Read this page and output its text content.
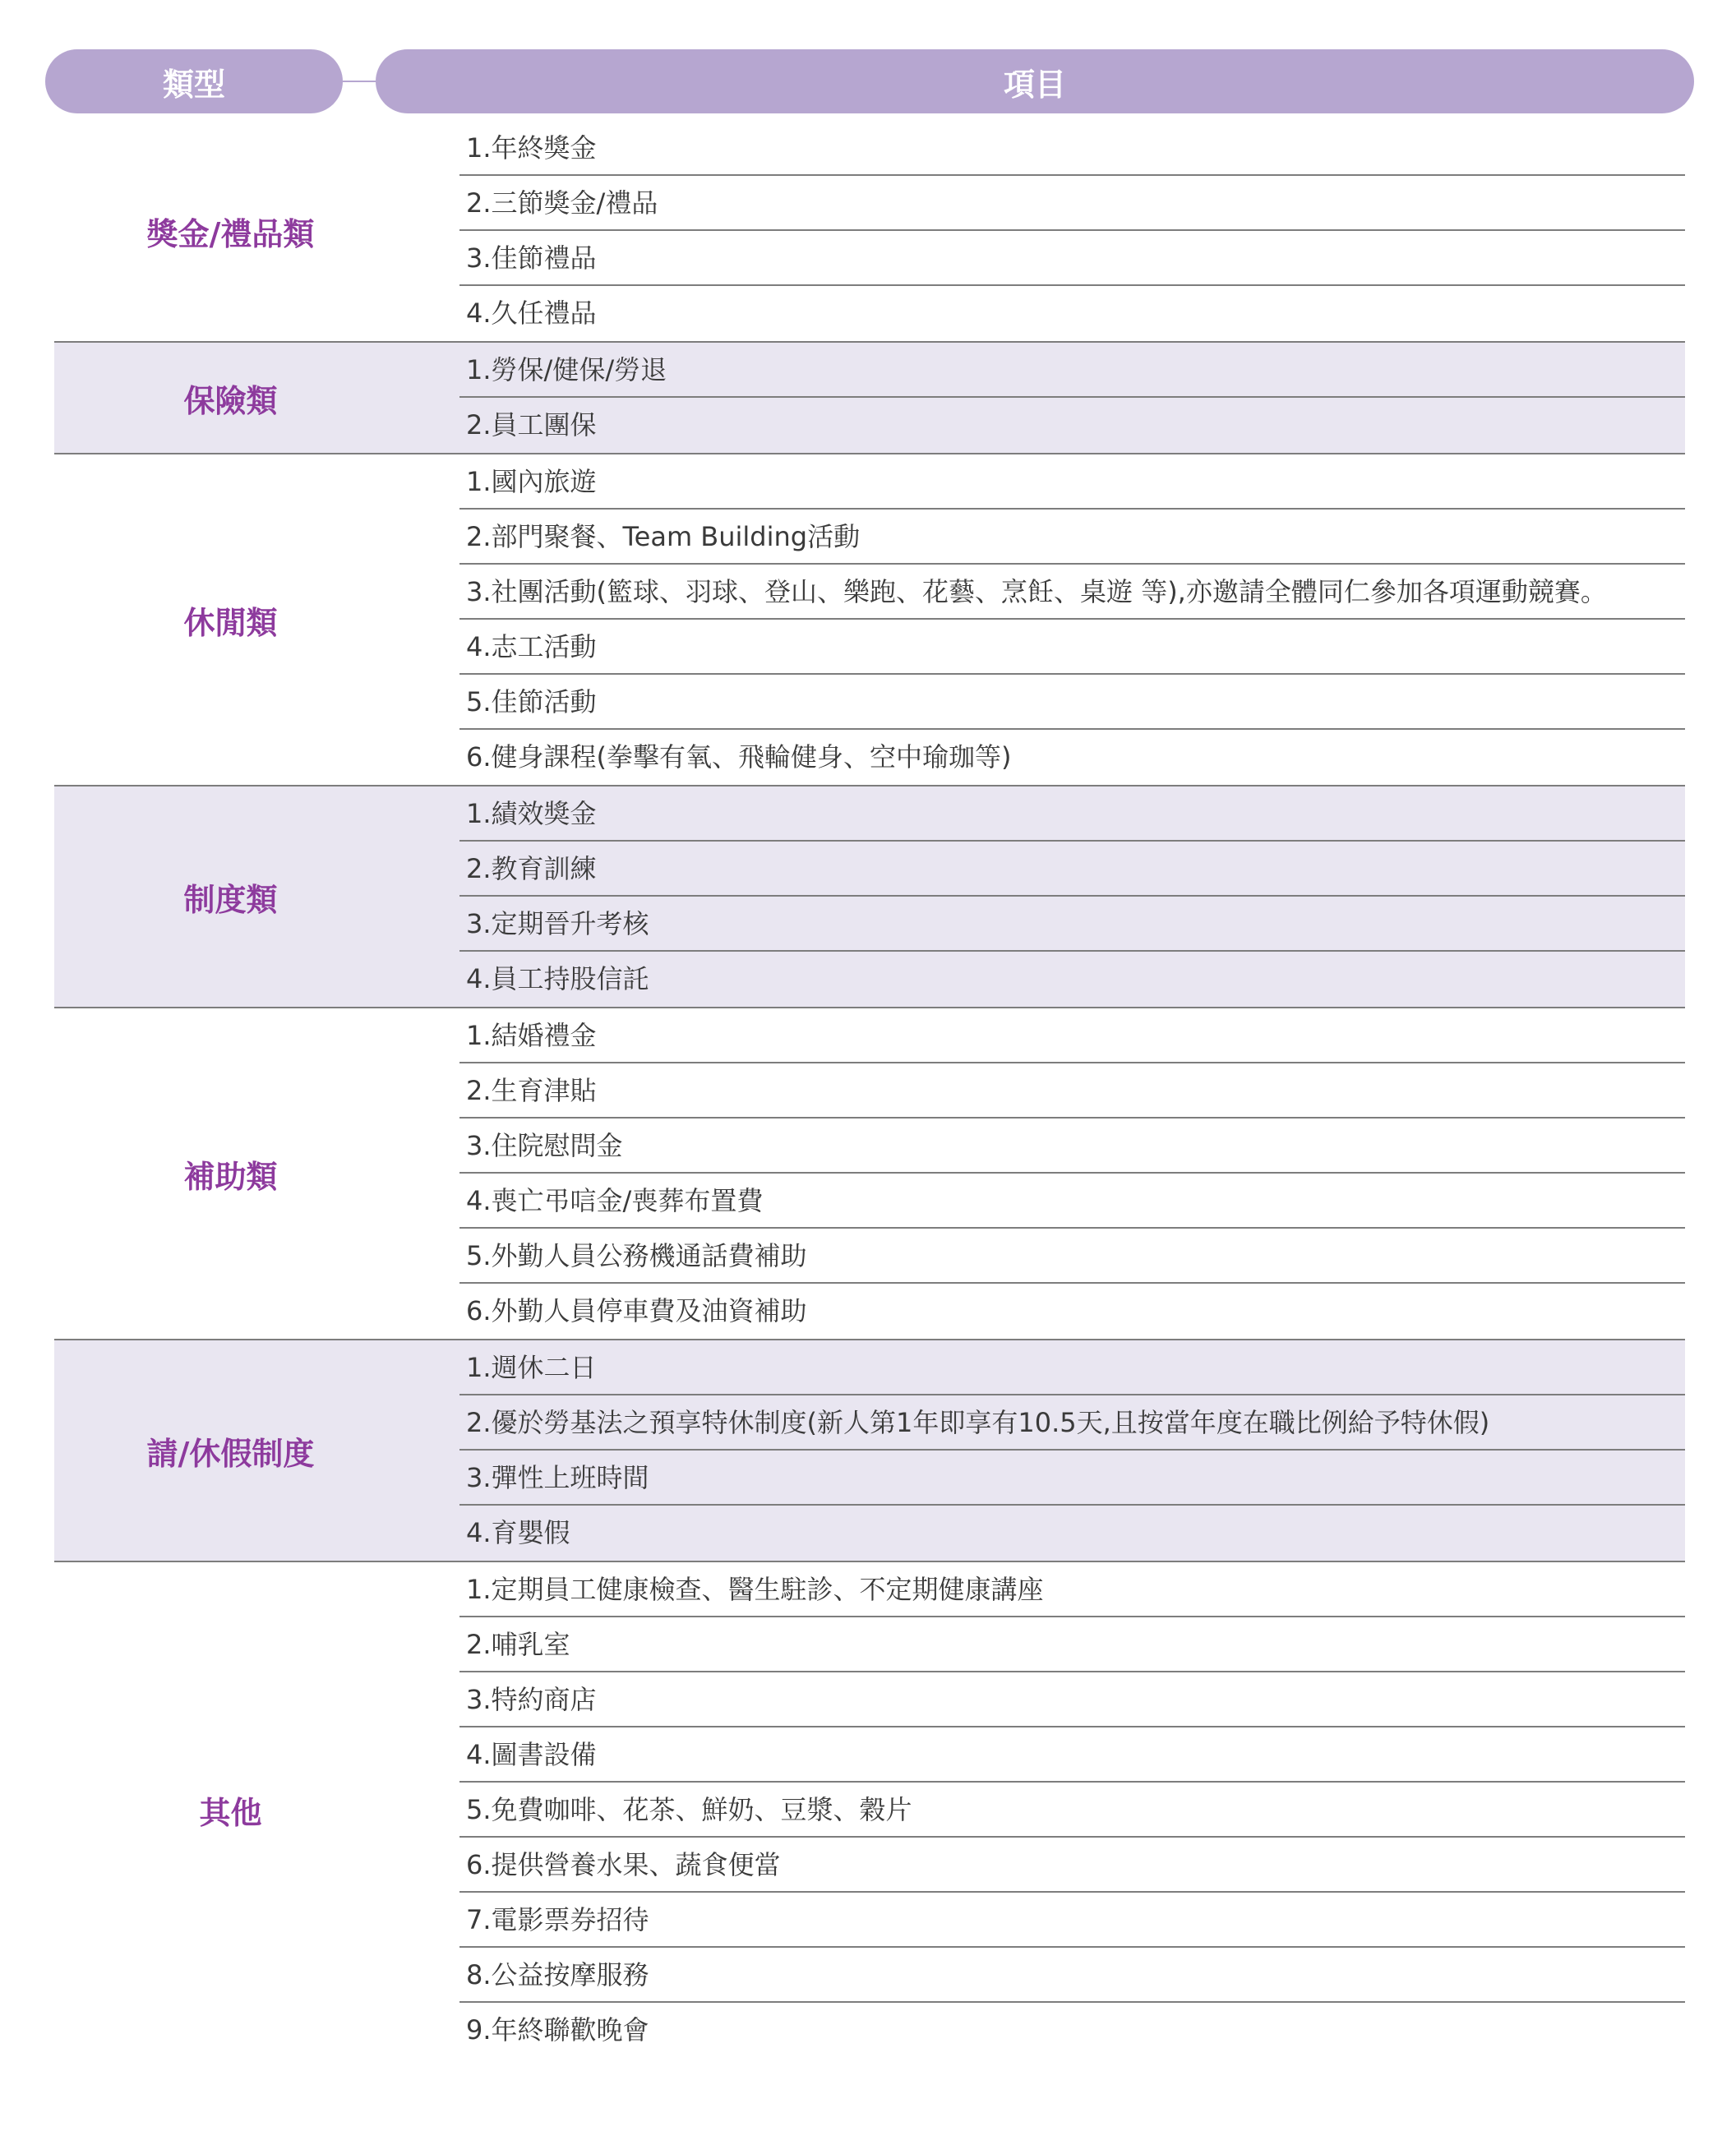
類型	項目
獎金/禮品類
1.年終獎金
2.三節獎金/禮品
3.佳節禮品
4.久任禮品
保險類
1.勞保/健保/勞退
2.員工團保
休閒類
1.國內旅遊
2.部門聚餐、Team Building活動
3.社團活動(籃球、羽球、登山、樂跑、花藝、烹飪、桌遊 等),亦邀請全體同仁參加各項運動競賽。
4.志工活動
5.佳節活動
6.健身課程(拳擊有氧、飛輪健身、空中瑜珈等)
制度類
1.績效獎金
2.教育訓練
3.定期晉升考核
4.員工持股信託
補助類
1.結婚禮金
2.生育津貼
3.住院慰問金
4.喪亡弔唁金/喪葬布置費
5.外勤人員公務機通話費補助
6.外勤人員停車費及油資補助
請/休假制度
1.週休二日
2.優於勞基法之預享特休制度(新人第1年即享有10.5天,且按當年度在職比例給予特休假)
3.彈性上班時間
4.育嬰假
其他
1.定期員工健康檢查、醫生駐診、不定期健康講座
2.哺乳室
3.特約商店
4.圖書設備
5.免費咖啡、花茶、鮮奶、豆漿、穀片
6.提供營養水果、蔬食便當
7.電影票券招待
8.公益按摩服務
9.年終聯歡晚會
